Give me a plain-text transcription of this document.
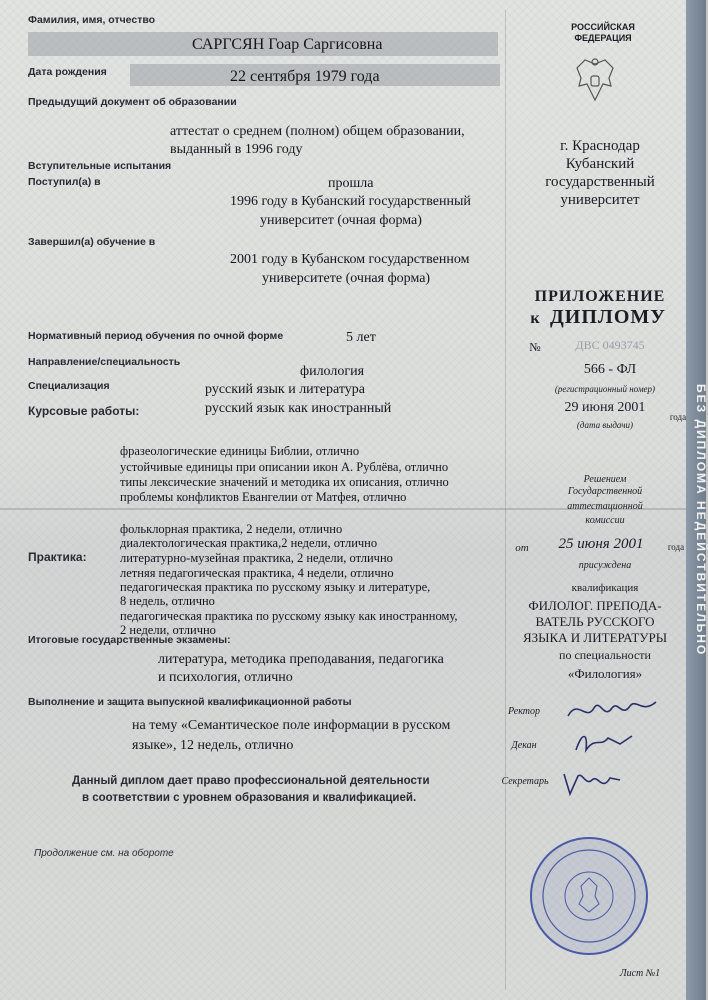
Фамилия, имя, отчество
САРГСЯН Гоар Саргисовна
Дата рождения	22 сентября 1979 года
Предыдущий документ об образовании
аттестат о среднем (полном) общем образовании,
выданный в 1996 году
Вступительные испытания
прошла
Поступил(а) в
1996 году в Кубанский государственный
университет (очная форма)
Завершил(а) обучение в
2001 году в Кубанском государственном
университете (очная форма)
Нормативный период обучения по очной форме	5 лет
Направление/специальность
филология
Специализация	русский язык и литература
Курсовые работы:	русский язык как иностранный
фразеологические единицы Библии, отлично
устойчивые единицы при описании икон А. Рублёва, отлично
типы лексические значений и методика их описания, отлично
проблемы конфликтов Евангелии от Матфея, отлично
Практика:
фольклорная практика, 2 недели, отлично
диалектологическая практика,2 недели, отлично
литературно-музейная практика, 2 недели, отлично
летняя педагогическая практика, 4 недели, отлично
педагогическая практика по русскому языку и литературе,
8 недель, отлично
педагогическая практика по русскому языку как иностранному,
2 недели, отлично
Итоговые государственные экзамены:
литература, методика преподавания, педагогика
и психология, отлично
Выполнение и защита выпускной квалификационной работы
на тему «Семантическое поле информации в русском
языке», 12 недель, отлично
Данный диплом дает право профессиональной деятельности
в соответствии с уровнем образования и квалификацией.
Продолжение см. на обороте
РОССИЙСКАЯ
ФЕДЕРАЦИЯ
г. Краснодар
Кубанский
государственный
университет
ПРИЛОЖЕНИЕ
к ДИПЛОМУ
№	ДВС 0493745
566 - ФЛ
(регистрационный номер)
29 июня 2001
года
(дата выдачи)
Решением
Государственной
аттестационной
комиссии
от	25 июня 2001	года
присуждена
квалификация
ФИЛОЛОГ. ПРЕПОДА-
ВАТЕЛЬ РУССКОГО
ЯЗЫКА И ЛИТЕРАТУРЫ
по специальности
«Филология»
Ректор
Декан
Секретарь
Лист №1
БЕЗ ДИПЛОМА НЕДЕЙСТВИТЕЛЬНО
